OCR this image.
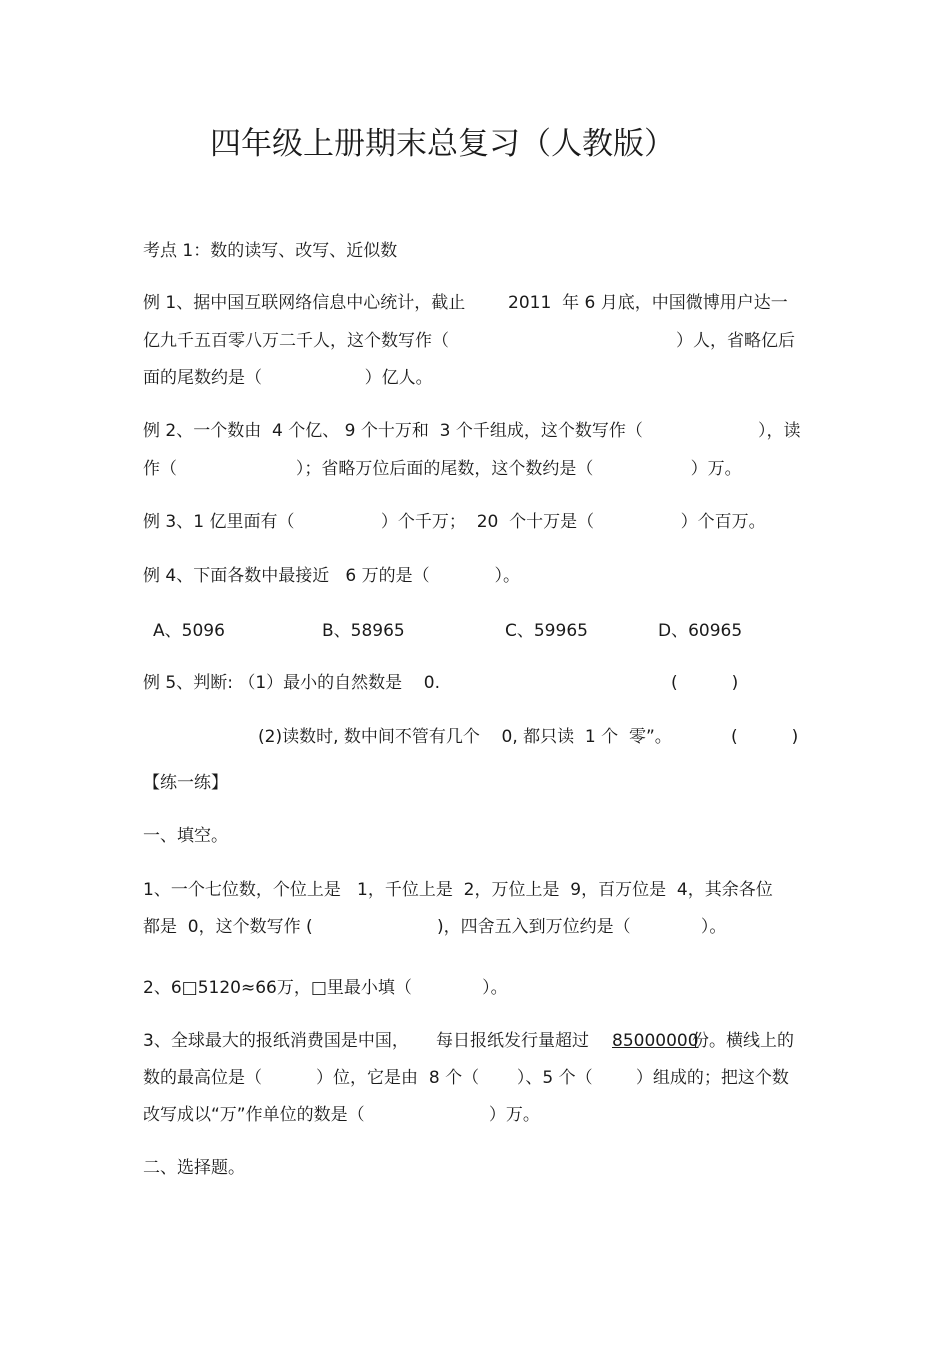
四年级上册期末总复习（人教版）
考点 1：数的读写、改写、近似数
例 1、据中国互联网络信息中心统计，截止	2011  年 6 月底，中国微博用户达一
亿九千五百零八万二千人，这个数写作（	）人，省略亿后
面的尾数约是（                   ）亿人。
例 2、一个数由  4 个亿、 9 个十万和  3 个千组成，这个数写作（	），读
作（                      ）；省略万位后面的尾数，这个数约是（                  ）万。
例 3、1 亿里面有（                ）个千万；  20  个十万是（                ）个百万。
例 4、下面各数中最接近   6 万的是（            ）。
A、5096	B、58965	C、59965	D、60965
例 5、判断: （1）最小的自然数是    0.	(          )
(2)读数时, 数中间不管有几个    0, 都只读  1 个  零”。	(          )
【练一练】
一、填空。
1、一个七位数，个位上是   1，千位上是  2，万位上是  9，百万位是  4，其余各位
都是  0，这个数写作 (                       )，四舍五入到万位约是（             ）。
2、6□5120≈66万，□里最小填（             ）。
3、全球最大的报纸消费国是中国， 每日报纸发行量超过 85000000
份。横线上的
数的最高位是（          ）位，它是由  8 个（       ）、5 个（        ）组成的；把这个数
改写成以“万”作单位的数是（                       ）万。
二、选择题。
